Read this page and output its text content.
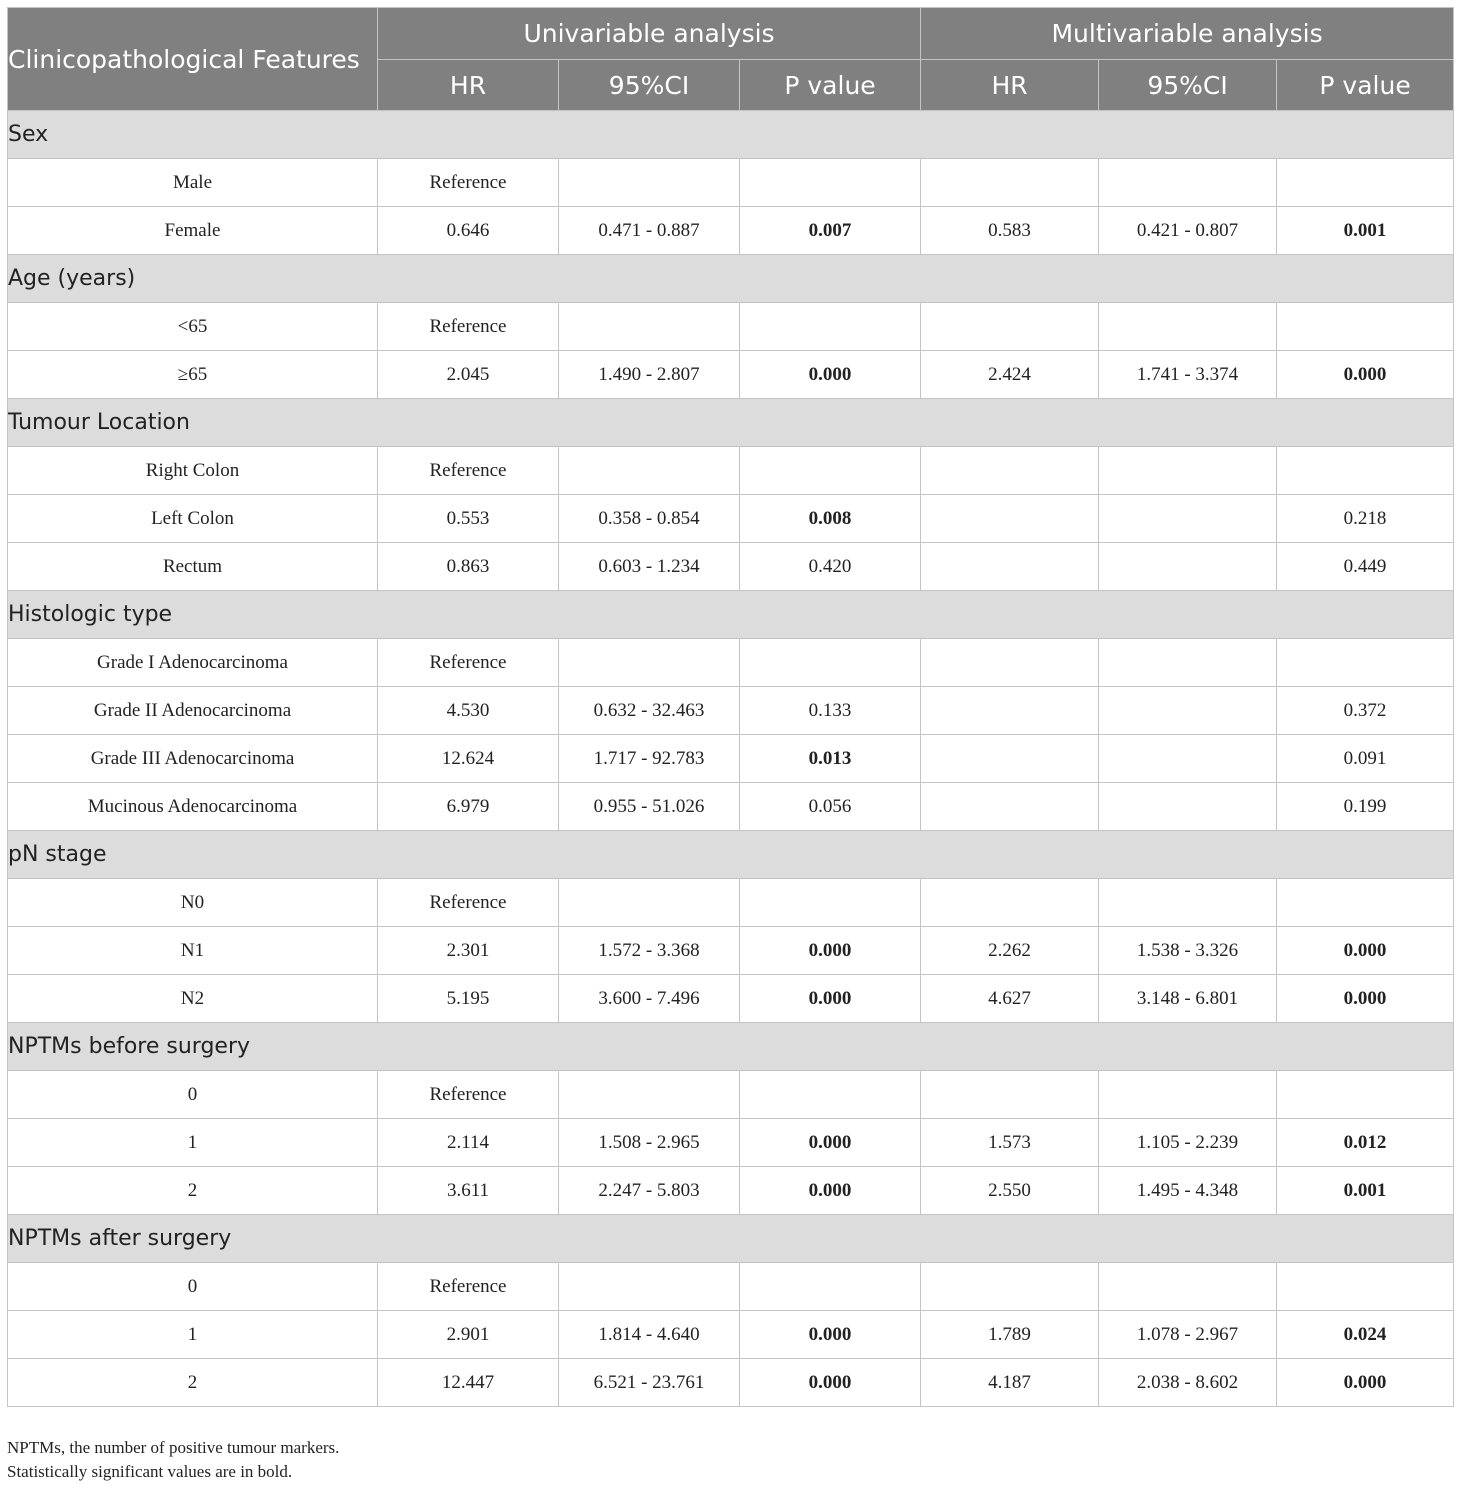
Clinicopathological Features	Univariable analysis			Multivariable analysis		
	HR	95%CI	P value	HR	95%CI	P value
Sex						
Male	Reference					
Female	0.646	0.471 - 0.887	0.007	0.583	0.421 - 0.807	0.001
Age (years)						
<65	Reference					
≥65	2.045	1.490 - 2.807	0.000	2.424	1.741 - 3.374	0.000
Tumour Location						
Right Colon	Reference					
Left Colon	0.553	0.358 - 0.854	0.008			0.218
Rectum	0.863	0.603 - 1.234	0.420			0.449
Histologic type						
Grade I Adenocarcinoma	Reference					
Grade II Adenocarcinoma	4.530	0.632 - 32.463	0.133			0.372
Grade III Adenocarcinoma	12.624	1.717 - 92.783	0.013			0.091
Mucinous Adenocarcinoma	6.979	0.955 - 51.026	0.056			0.199
pN stage						
N0	Reference					
N1	2.301	1.572 - 3.368	0.000	2.262	1.538 - 3.326	0.000
N2	5.195	3.600 - 7.496	0.000	4.627	3.148 - 6.801	0.000
NPTMs before surgery						
0	Reference					
1	2.114	1.508 - 2.965	0.000	1.573	1.105 - 2.239	0.012
2	3.611	2.247 - 5.803	0.000	2.550	1.495 - 4.348	0.001
NPTMs after surgery						
0	Reference					
1	2.901	1.814 - 4.640	0.000	1.789	1.078 - 2.967	0.024
2	12.447	6.521 - 23.761	0.000	4.187	2.038 - 8.602	0.000
NPTMs, the number of positive tumour markers.
Statistically significant values are in bold.
